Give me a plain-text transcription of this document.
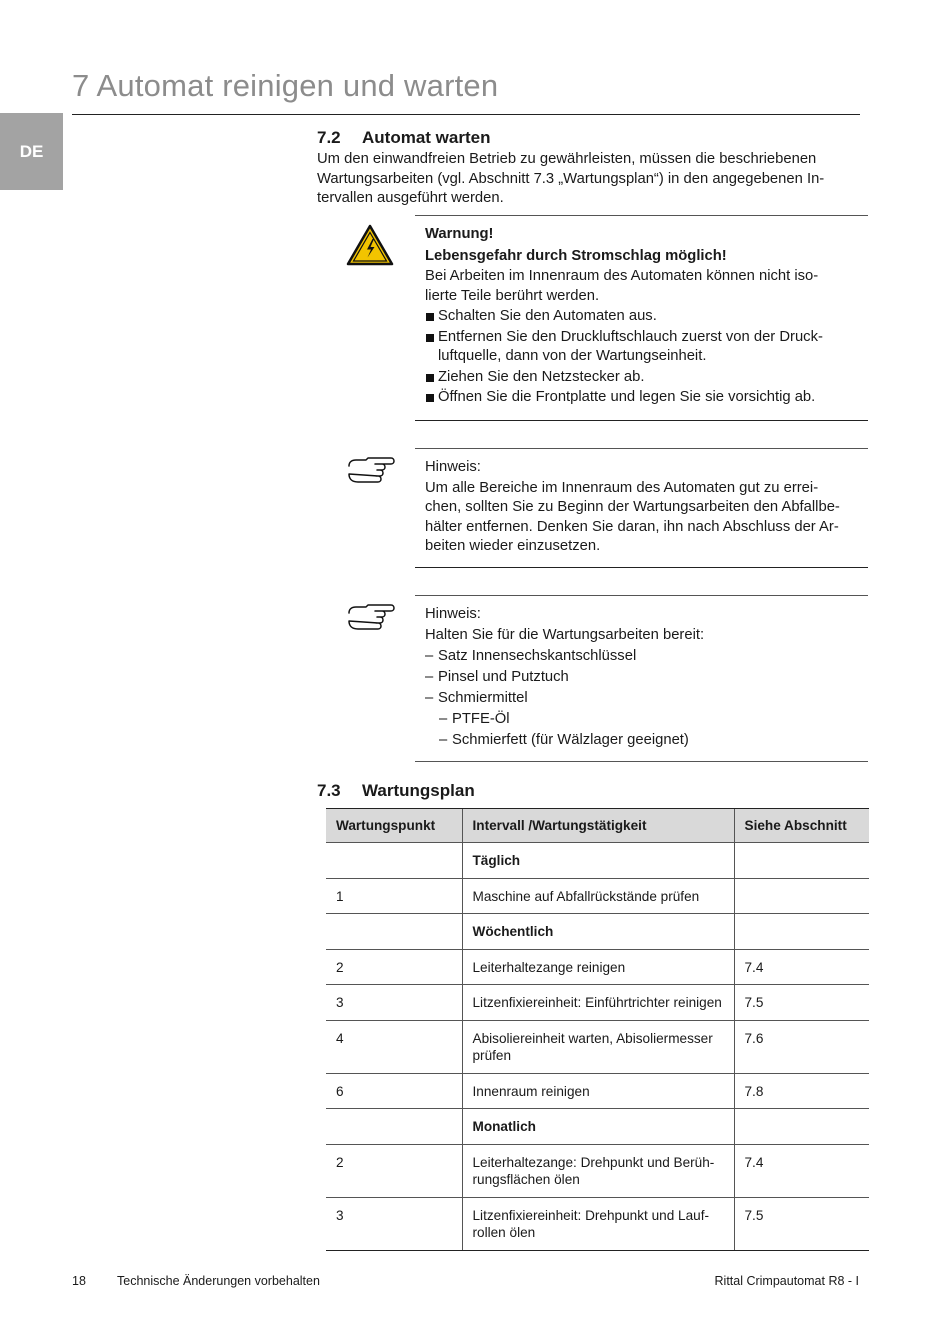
7 Automat reinigen und warten
DE
7.2 Automat warten
Um den einwandfreien Betrieb zu gewährleisten, müssen die beschriebenen
Wartungsarbeiten (vgl. Abschnitt 7.3 „Wartungsplan“) in den angegebenen In-
tervallen ausgeführt werden.
Warnung!
Lebensgefahr durch Stromschlag möglich!
Bei Arbeiten im Innenraum des Automaten können nicht iso-
lierte Teile berührt werden.
Schalten Sie den Automaten aus.
Entfernen Sie den Druckluftschlauch zuerst von der Druck-
luftquelle, dann von der Wartungseinheit.
Ziehen Sie den Netzstecker ab.
Öffnen Sie die Frontplatte und legen Sie sie vorsichtig ab.
Hinweis:
Um alle Bereiche im Innenraum des Automaten gut zu errei-
chen, sollten Sie zu Beginn der Wartungsarbeiten den Abfallbe-
hälter entfernen. Denken Sie daran, ihn nach Abschluss der Ar-
beiten wieder einzusetzen.
Hinweis:
Halten Sie für die Wartungsarbeiten bereit:
– Satz Innensechskantschlüssel
– Pinsel und Putztuch
– Schmiermittel
– PTFE-Öl
– Schmierfett (für Wälzlager geeignet)
7.3 Wartungsplan
Wartungspunkt	Intervall /Wartungstätigkeit	Siehe Abschnitt

	Täglich	

1	Maschine auf Abfallrückstände prüfen	

	Wöchentlich	

2	Leiterhaltezange reinigen	7.4
3	Litzenfixiereinheit: Einführtrichter reinigen	7.5
4	Abisoliereinheit warten, Abisoliermesser
prüfen	7.6
6	Innenraum reinigen	7.8

	Monatlich	

2	Leiterhaltezange: Drehpunkt und Berüh-
rungsflächen ölen	7.4
3	Litzenfixiereinheit: Drehpunkt und Lauf-
rollen ölen	7.5
18 Technische Änderungen vorbehalten	Rittal Crimpautomat R8 - I
